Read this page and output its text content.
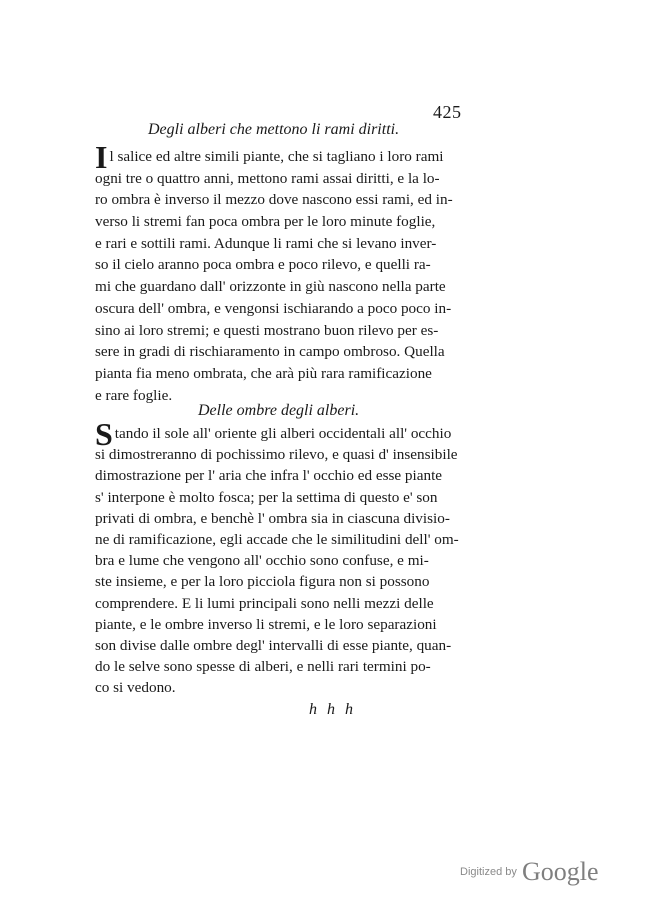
425
Degli alberi che mettono li rami diritti.
Il salice ed altre simili piante, che si tagliano i loro rami
ogni tre o quattro anni, mettono rami assai diritti, e la lo-
ro ombra è inverso il mezzo dove nascono essi rami, ed in-
verso li stremi fan poca ombra per le loro minute foglie,
e rari e sottili rami. Adunque li rami che si levano inver-
so il cielo aranno poca ombra e poco rilevo, e quelli ra-
mi che guardano dall' orizzonte in giù nascono nella parte
oscura dell' ombra, e vengonsi ischiarando a poco poco in-
sino ai loro stremi; e questi mostrano buon rilevo per es-
sere in gradi di rischiaramento in campo ombroso. Quella
pianta fia meno ombrata, che arà più rara ramificazione
e rare foglie.
Delle ombre degli alberi.
Stando il sole all' oriente gli alberi occidentali all' occhio
si dimostreranno di pochissimo rilevo, e quasi d' insensibile
dimostrazione per l' aria che infra l' occhio ed esse piante
s' interpone è molto fosca; per la settima di questo e' son
privati di ombra, e benchè l' ombra sia in ciascuna divisio-
ne di ramificazione, egli accade che le similitudini dell' om-
bra e lume che vengono all' occhio sono confuse, e mi-
ste insieme, e per la loro picciola figura non si possono
comprendere. E li lumi principali sono nelli mezzi delle
piante, e le ombre inverso li stremi, e le loro separazioni
son divise dalle ombre degl' intervalli di esse piante, quan-
do le selve sono spesse di alberi, e nelli rari termini po-
co si vedono.
h h h
Digitized by Google
